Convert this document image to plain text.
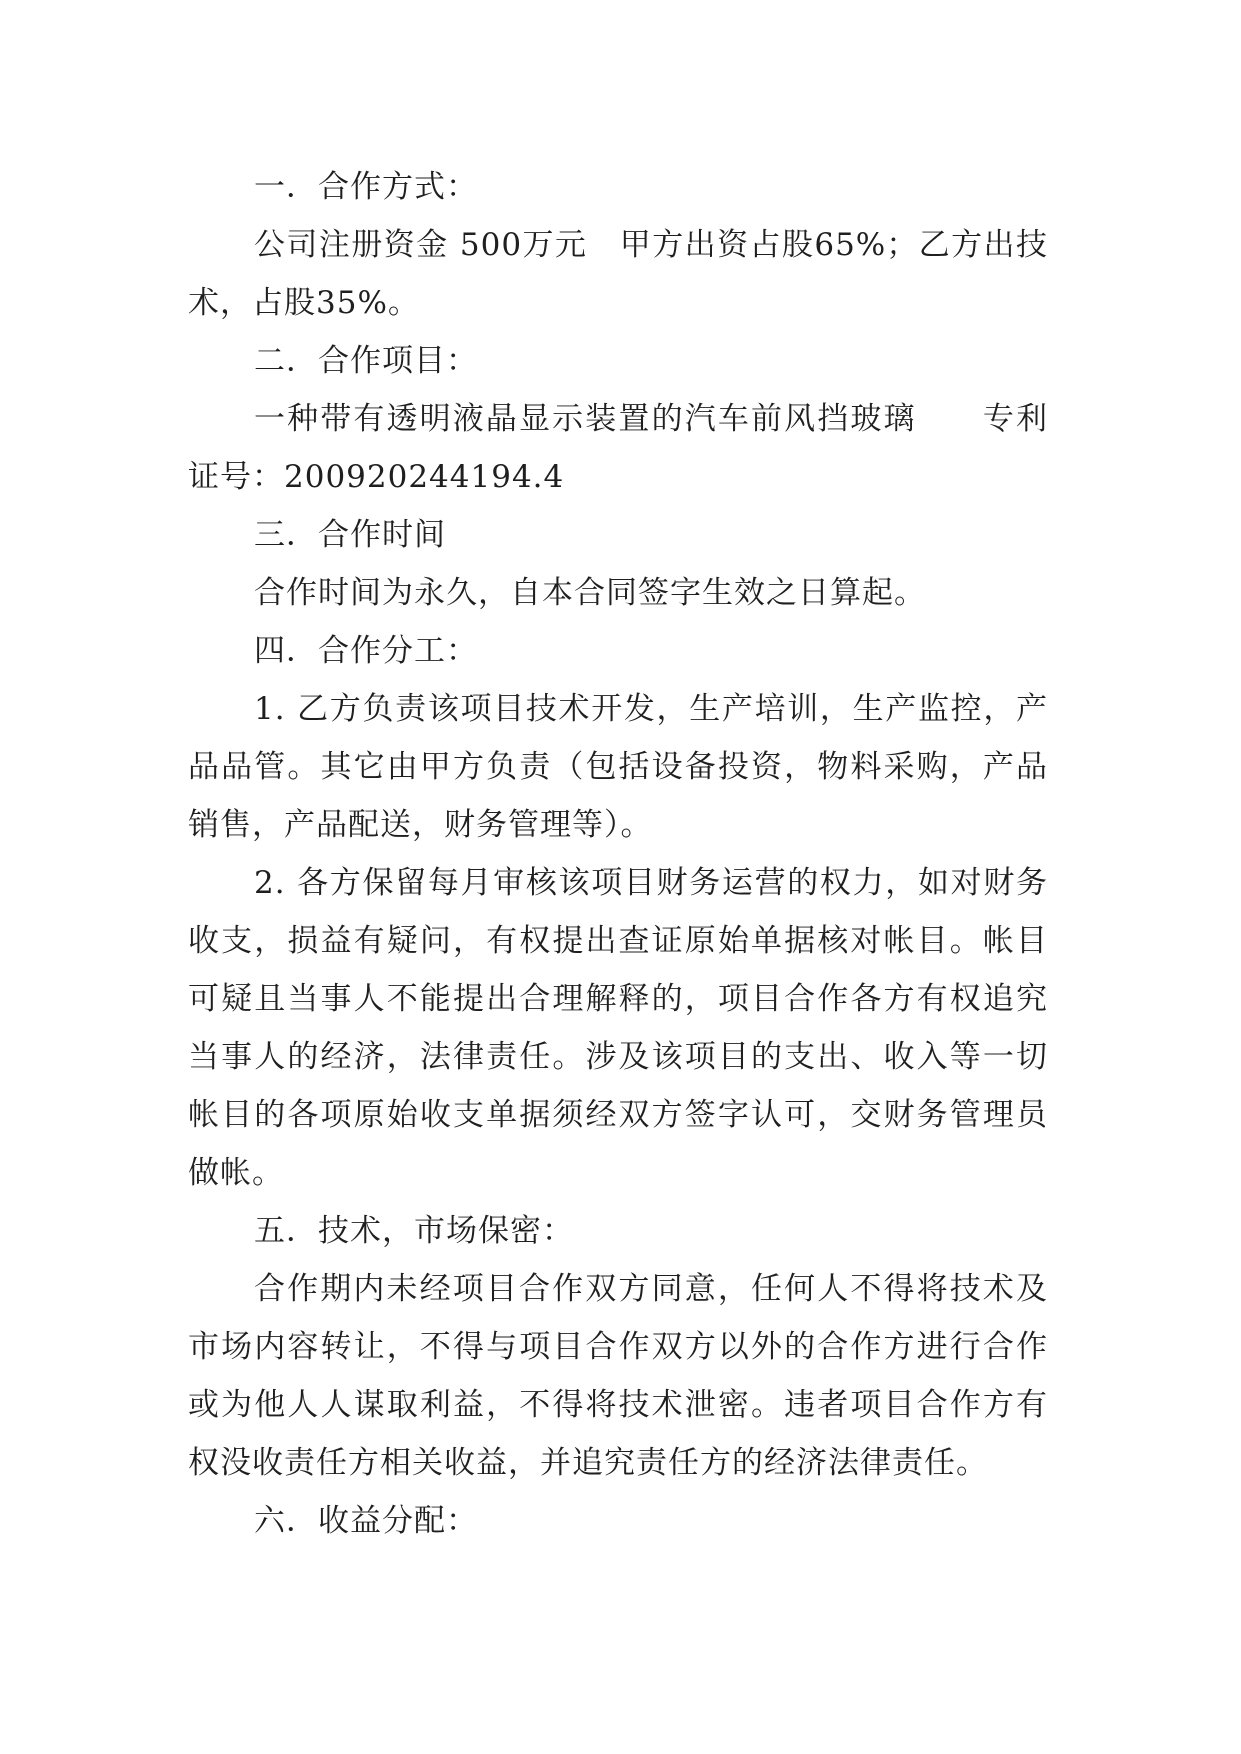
一．合作方式：

公司注册资金 500万元　甲方出资占股65%；乙方出技术，占股35%。

二．合作项目：

一种带有透明液晶显示装置的汽车前风挡玻璃　　专利证号：200920244194.4

三．合作时间

合作时间为永久，自本合同签字生效之日算起。

四．合作分工：

1. 乙方负责该项目技术开发，生产培训，生产监控，产品品管。其它由甲方负责（包括设备投资，物料采购，产品销售，产品配送，财务管理等）。

2. 各方保留每月审核该项目财务运营的权力，如对财务收支，损益有疑问，有权提出查证原始单据核对帐目。帐目可疑且当事人不能提出合理解释的，项目合作各方有权追究当事人的经济，法律责任。涉及该项目的支出、收入等一切帐目的各项原始收支单据须经双方签字认可，交财务管理员做帐。

五．技术，市场保密：

合作期内未经项目合作双方同意，任何人不得将技术及市场内容转让，不得与项目合作双方以外的合作方进行合作或为他人人谋取利益，不得将技术泄密。违者项目合作方有权没收责任方相关收益，并追究责任方的经济法律责任。

六．收益分配：
